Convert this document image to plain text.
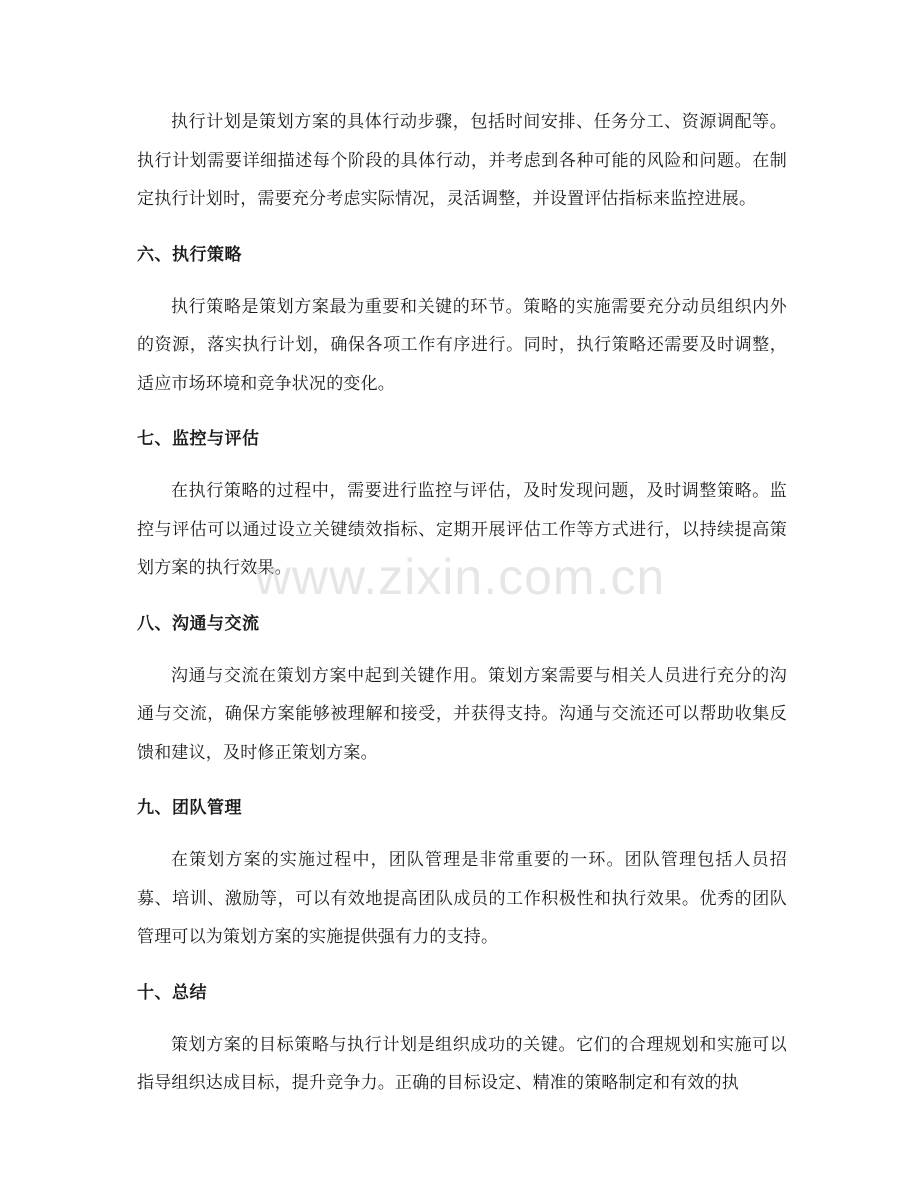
执行计划是策划方案的具体行动步骤，包括时间安排、任务分工、资源调配等。执行计划需要详细描述每个阶段的具体行动，并考虑到各种可能的风险和问题。在制定执行计划时，需要充分考虑实际情况，灵活调整，并设置评估指标来监控进展。

六、执行策略

执行策略是策划方案最为重要和关键的环节。策略的实施需要充分动员组织内外的资源，落实执行计划，确保各项工作有序进行。同时，执行策略还需要及时调整，适应市场环境和竞争状况的变化。

七、监控与评估

在执行策略的过程中，需要进行监控与评估，及时发现问题，及时调整策略。监控与评估可以通过设立关键绩效指标、定期开展评估工作等方式进行，以持续提高策划方案的执行效果。

八、沟通与交流

沟通与交流在策划方案中起到关键作用。策划方案需要与相关人员进行充分的沟通与交流，确保方案能够被理解和接受，并获得支持。沟通与交流还可以帮助收集反馈和建议，及时修正策划方案。

九、团队管理

在策划方案的实施过程中，团队管理是非常重要的一环。团队管理包括人员招募、培训、激励等，可以有效地提高团队成员的工作积极性和执行效果。优秀的团队管理可以为策划方案的实施提供强有力的支持。

十、总结

策划方案的目标策略与执行计划是组织成功的关键。它们的合理规划和实施可以指导组织达成目标，提升竞争力。正确的目标设定、精准的策略制定和有效的执

www.zixin.com.cn
